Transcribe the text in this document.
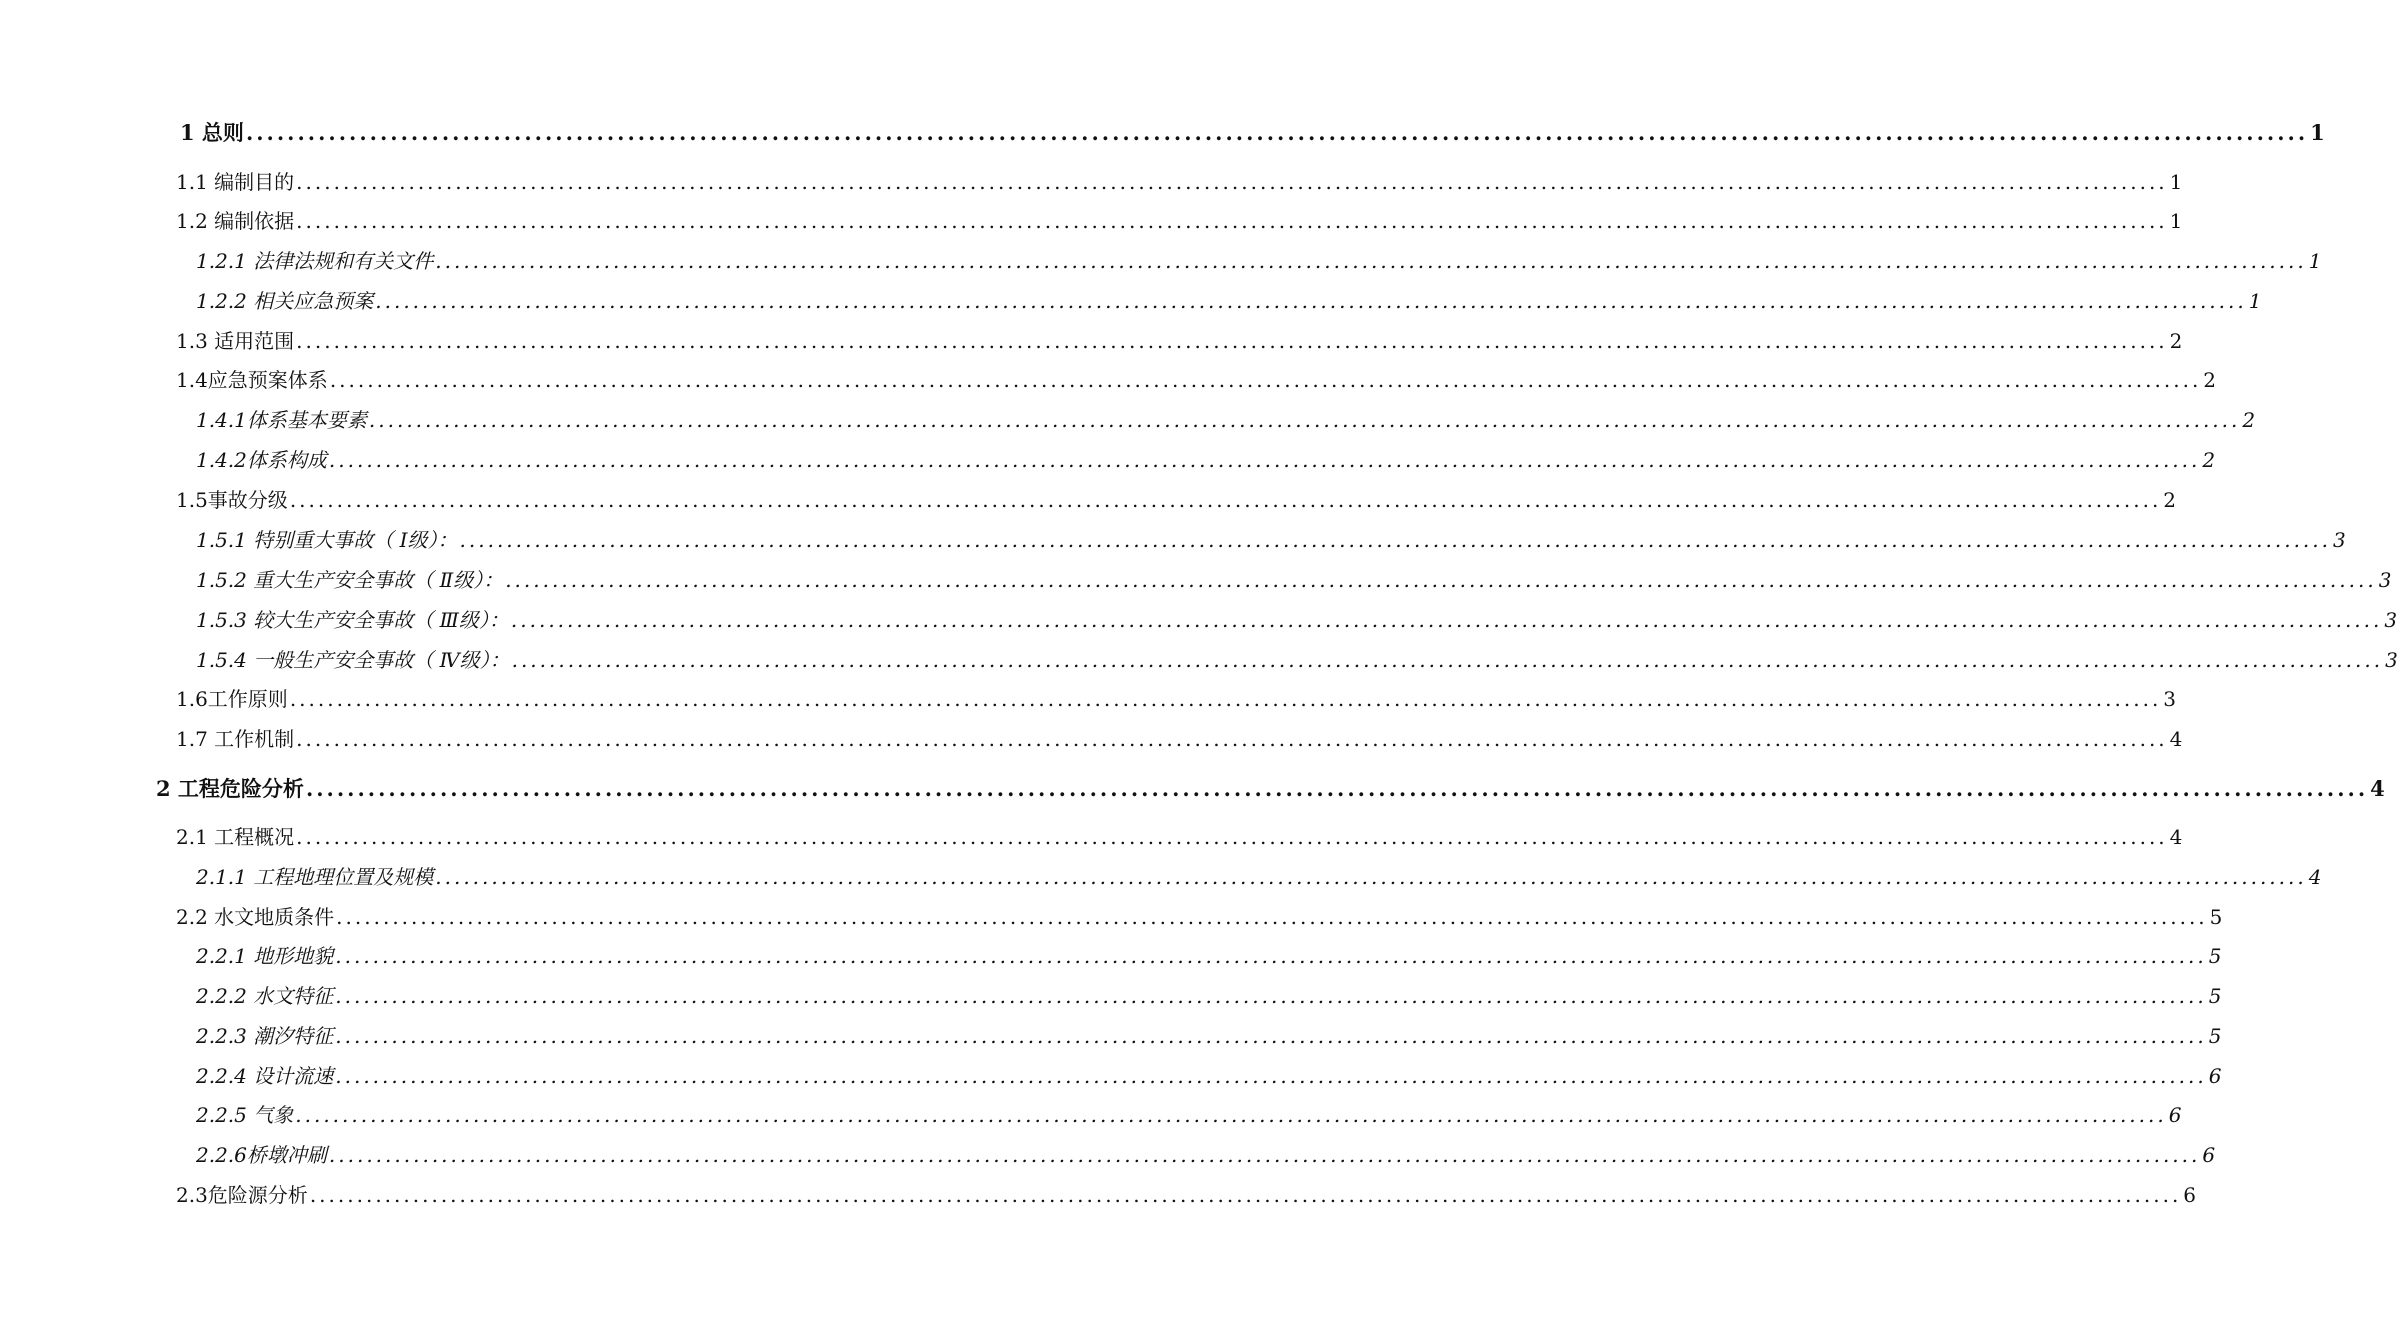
1 总则 ........................................................................................................................................................................................................ 1
1.1 编制目的 ........................................................................................................................................................................................................ 1
1.2 编制依据 ........................................................................................................................................................................................................ 1
1.2.1 法律法规和有关文件 ........................................................................................................................................................................................................ 1
1.2.2 相关应急预案 ........................................................................................................................................................................................................ 1
1.3 适用范围 ........................................................................................................................................................................................................ 2
1.4应急预案体系 ........................................................................................................................................................................................................ 2
1.4.1体系基本要素 ........................................................................................................................................................................................................ 2
1.4.2体系构成 ........................................................................................................................................................................................................ 2
1.5事故分级 ........................................................................................................................................................................................................ 2
1.5.1 特别重大事故（ Ⅰ级）： ........................................................................................................................................................................................................ 3
1.5.2 重大生产安全事故（ Ⅱ级）： ........................................................................................................................................................................................................ 3
1.5.3 较大生产安全事故（ Ⅲ级）： ........................................................................................................................................................................................................ 3
1.5.4 一般生产安全事故（ Ⅳ级）： ........................................................................................................................................................................................................ 3
1.6工作原则 ........................................................................................................................................................................................................ 3
1.7 工作机制 ........................................................................................................................................................................................................ 4
2 工程危险分析 ........................................................................................................................................................................................................ 4
2.1 工程概况 ........................................................................................................................................................................................................ 4
2.1.1 工程地理位置及规模 ........................................................................................................................................................................................................ 4
2.2 水文地质条件 ........................................................................................................................................................................................................ 5
2.2.1 地形地貌 ........................................................................................................................................................................................................ 5
2.2.2 水文特征 ........................................................................................................................................................................................................ 5
2.2.3 潮汐特征 ........................................................................................................................................................................................................ 5
2.2.4 设计流速 ........................................................................................................................................................................................................ 6
2.2.5 气象 ........................................................................................................................................................................................................ 6
2.2.6桥墩冲刷 ........................................................................................................................................................................................................ 6
2.3危险源分析 ........................................................................................................................................................................................................ 6
